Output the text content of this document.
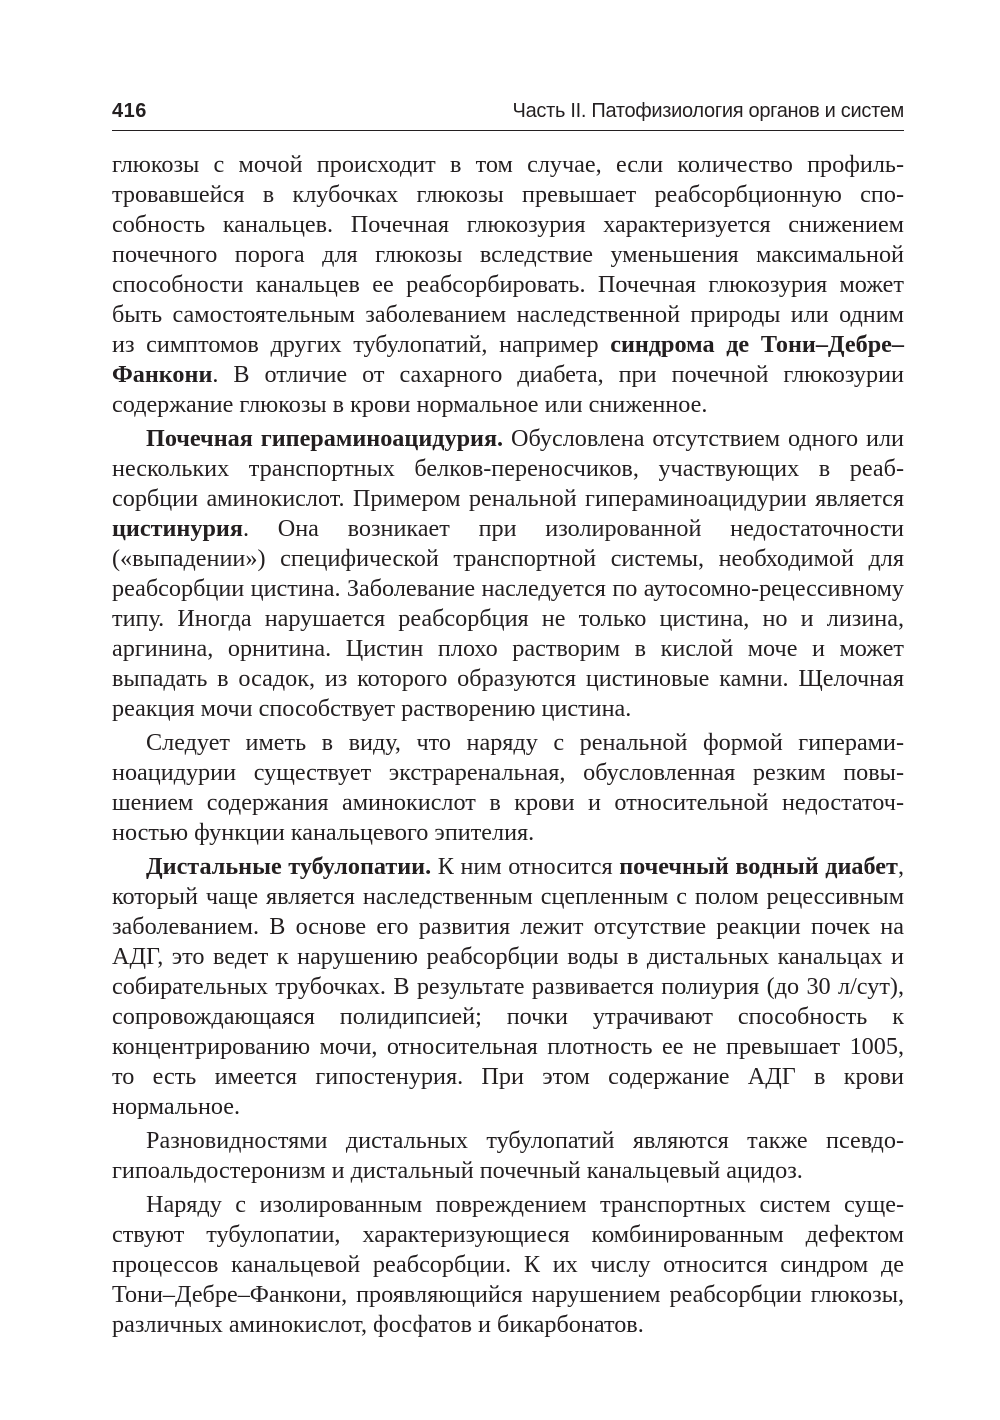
416	Часть II. Патофизиология органов и систем

глюкозы с мочой происходит в том случае, если количество профильтровавшейся в клубочках глюкозы превышает реабсорбционную способность канальцев. Почечная глюкозурия характеризуется снижением почечного порога для глюкозы вследствие уменьшения максимальной способности канальцев ее реабсорбировать. Почечная глюкозурия может быть самостоятельным заболеванием наследственной природы или одним из симптомов других тубулопатий, например синдрома де Тони–Дебре–Фанкони. В отличие от сахарного диабета, при почечной глюкозурии содержание глюкозы в крови нормальное или сниженное.

Почечная гипераминоацидурия. Обусловлена отсутствием одного или нескольких транспортных белков-переносчиков, участвующих в реабсорбции аминокислот. Примером ренальной гипераминоацидурии является цистинурия. Она возникает при изолированной недостаточности («выпадении») специфической транспортной системы, необходимой для реабсорбции цистина. Заболевание наследуется по аутосомно-рецессивному типу. Иногда нарушается реабсорбция не только цистина, но и лизина, аргинина, орнитина. Цистин плохо растворим в кислой моче и может выпадать в осадок, из которого образуются цистиновые камни. Щелочная реакция мочи способствует растворению цистина.

Следует иметь в виду, что наряду с ренальной формой гипераминоацидурии существует экстраренальная, обусловленная резким повышением содержания аминокислот в крови и относительной недостаточностью функции канальцевого эпителия.

Дистальные тубулопатии. К ним относится почечный водный диабет, который чаще является наследственным сцепленным с полом рецессивным заболеванием. В основе его развития лежит отсутствие реакции почек на АДГ, это ведет к нарушению реабсорбции воды в дистальных канальцах и собирательных трубочках. В результате развивается полиурия (до 30 л/сут), сопровождающаяся полидипсией; почки утрачивают способность к концентрированию мочи, относительная плотность ее не превышает 1005, то есть имеется гипостенурия. При этом содержание АДГ в крови нормальное.

Разновидностями дистальных тубулопатий являются также псевдогипоальдостеронизм и дистальный почечный канальцевый ацидоз.

Наряду с изолированным повреждением транспортных систем существуют тубулопатии, характеризующиеся комбинированным дефектом процессов канальцевой реабсорбции. К их числу относится синдром де Тони–Дебре–Фанкони, проявляющийся нарушением реабсорбции глюкозы, различных аминокислот, фосфатов и бикарбонатов.
